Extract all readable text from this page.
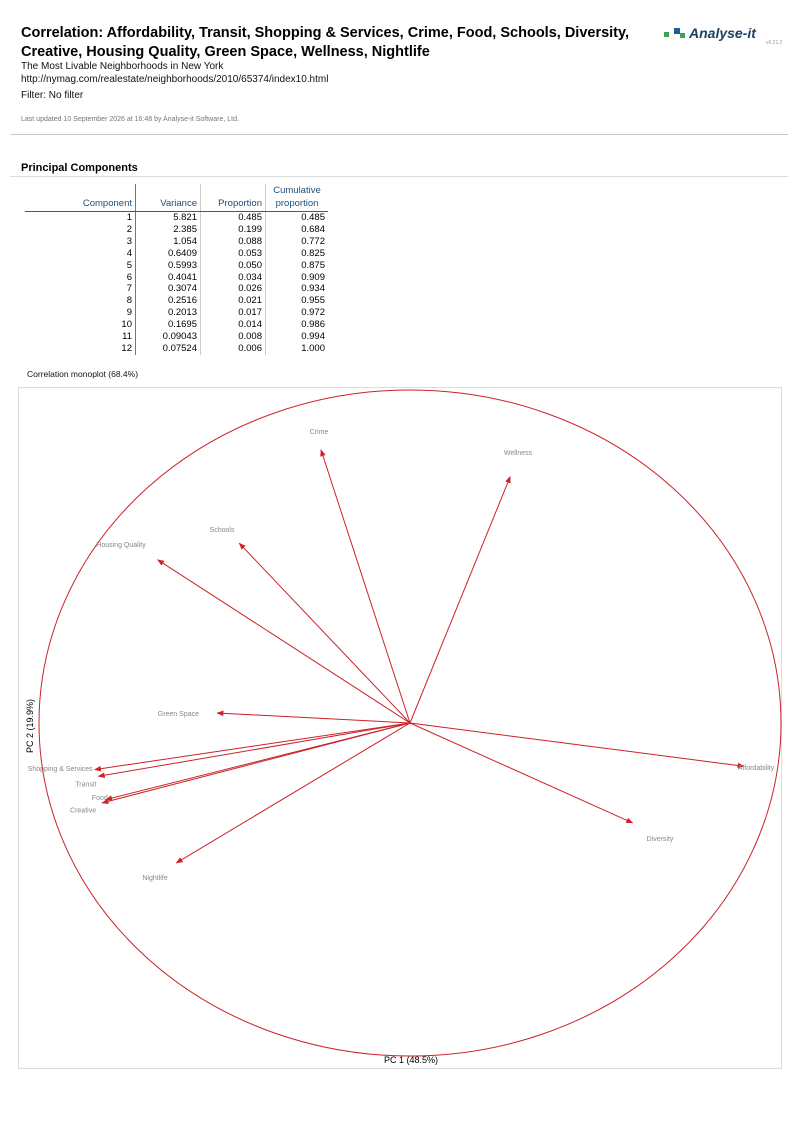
Correlation: Affordability, Transit, Shopping & Services, Crime, Food, Schools, Diversity, Creative, Housing Quality, Green Space, Wellness, Nightlife
Analyse-it
v6.21.2
The Most Livable Neighborhoods in New York
http://nymag.com/realestate/neighborhoods/2010/65374/index10.html
Filter: No filter
Last updated 10 September 2026 at 16:48 by Analyse-it Software, Ltd.
Principal Components
Component	Variance	Proportion	Cumulative
proportion

1	5.821	0.485	0.485
2	2.385	0.199	0.684
3	1.054	0.088	0.772
4	0.6409	0.053	0.825
5	0.5993	0.050	0.875
6	0.4041	0.034	0.909
7	0.3074	0.026	0.934
8	0.2516	0.021	0.955
9	0.2013	0.017	0.972
10	0.1695	0.014	0.986
11	0.09043	0.008	0.994
12	0.07524	0.006	1.000
Correlation monoplot (68.4%)
Crime
Wellness
Schools
Housing Quality
Green Space
Shopping & Services
Transit
Food
Creative
Nightlife
Affordability
Diversity
PC 1 (48.5%)
PC 2 (19.9%)
